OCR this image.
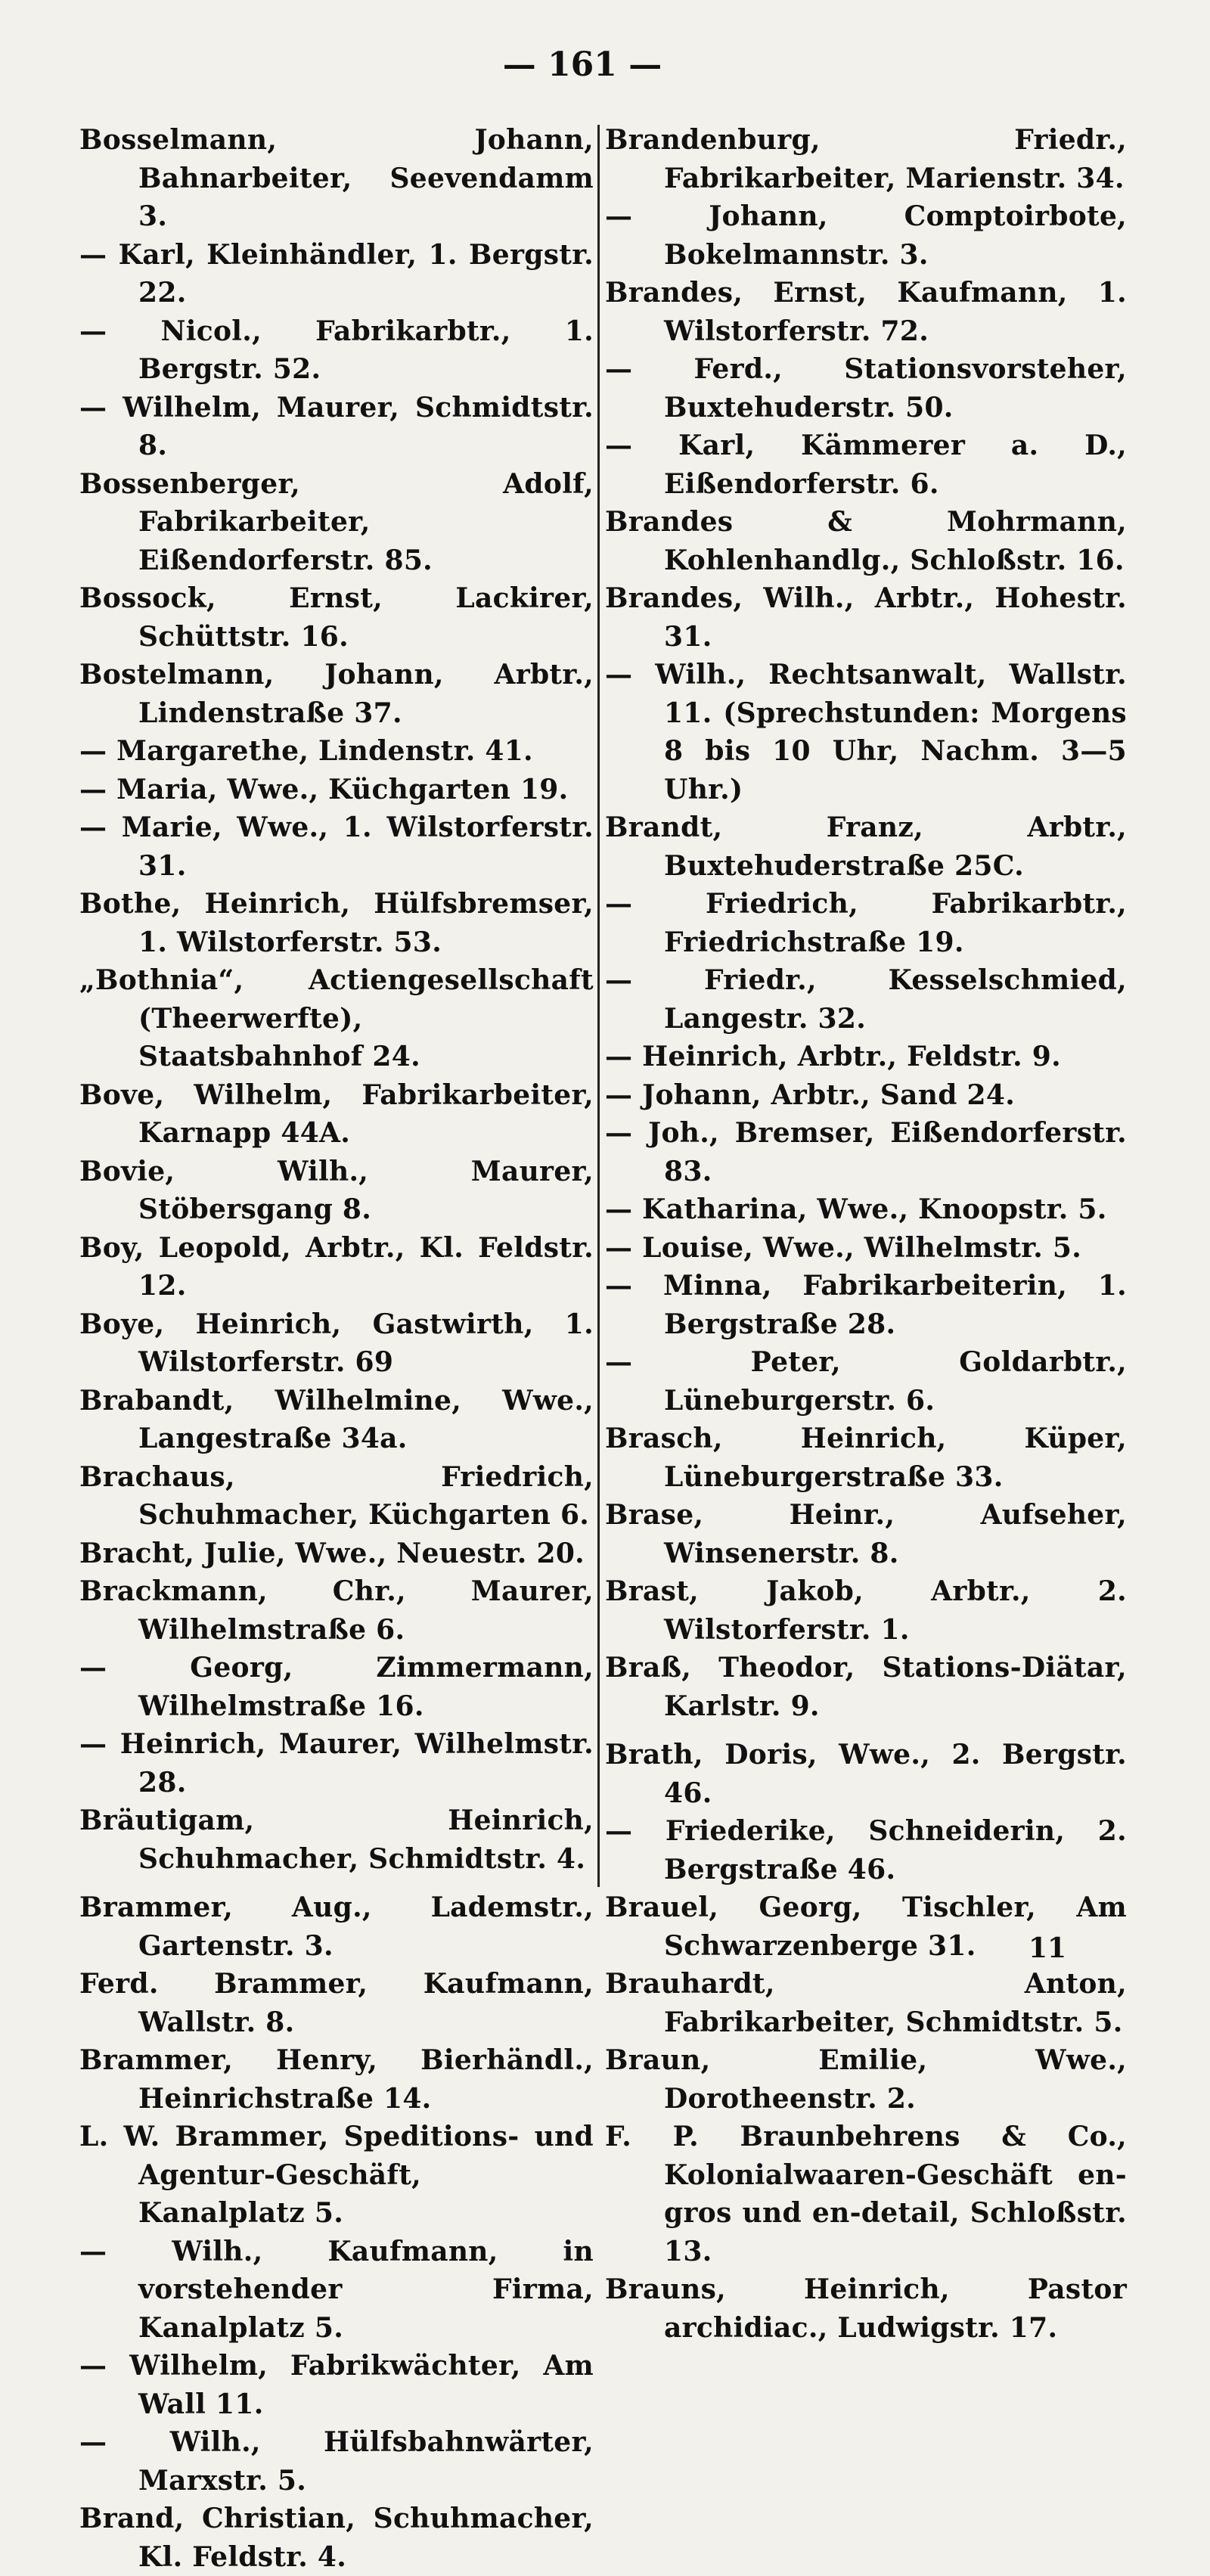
— 161 —
Bosselmann, Johann, Bahnarbeiter, Seevendamm 3.
— Karl, Kleinhändler, 1. Bergstr. 22.
— Nicol., Fabrikarbtr., 1. Bergstr. 52.
— Wilhelm, Maurer, Schmidtstr. 8.
Bossenberger, Adolf, Fabrikarbeiter, Eißendorferstr. 85.
Bossock, Ernst, Lackirer, Schüttstr. 16.
Bostelmann, Johann, Arbtr., Lindenstraße 37.
— Margarethe, Lindenstr. 41.
— Maria, Wwe., Küchgarten 19.
— Marie, Wwe., 1. Wilstorferstr. 31.
Bothe, Heinrich, Hülfsbremser, 1. Wilstorferstr. 53.
„Bothnia“, Actiengesellschaft (Theerwerfte), Staatsbahnhof 24.
Bove, Wilhelm, Fabrikarbeiter, Karnapp 44A.
Bovie, Wilh., Maurer, Stöbersgang 8.
Boy, Leopold, Arbtr., Kl. Feldstr. 12.
Boye, Heinrich, Gastwirth, 1. Wilstorferstr. 69
Brabandt, Wilhelmine, Wwe., Langestraße 34a.
Brachaus, Friedrich, Schuhmacher, Küchgarten 6.
Bracht, Julie, Wwe., Neuestr. 20.
Brackmann, Chr., Maurer, Wilhelmstraße 6.
— Georg, Zimmermann, Wilhelmstraße 16.
— Heinrich, Maurer, Wilhelmstr. 28.
Bräutigam, Heinrich, Schuhmacher, Schmidtstr. 4.
Brammer, Aug., Lademstr., Gartenstr. 3.
Ferd. Brammer, Kaufmann, Wallstr. 8.
Brammer, Henry, Bierhändl., Heinrichstraße 14.
L. W. Brammer, Speditions- und Agentur-Geschäft, Kanalplatz 5.
— Wilh., Kaufmann, in vorstehender Firma, Kanalplatz 5.
— Wilhelm, Fabrikwächter, Am Wall 11.
— Wilh., Hülfsbahnwärter, Marxstr. 5.
Brand, Christian, Schuhmacher, Kl. Feldstr. 4.
Brandenburg, Friedr., Fabrikarbeiter, Marienstr. 34.
— Johann, Comptoirbote, Bokelmannstr. 3.
Brandes, Ernst, Kaufmann, 1. Wilstorferstr. 72.
— Ferd., Stationsvorsteher, Buxtehuderstr. 50.
— Karl, Kämmerer a. D., Eißendorferstr. 6.
Brandes & Mohrmann, Kohlenhandlg., Schloßstr. 16.
Brandes, Wilh., Arbtr., Hohestr. 31.
— Wilh., Rechtsanwalt, Wallstr. 11. (Sprechstunden: Morgens 8 bis 10 Uhr, Nachm. 3—5 Uhr.)
Brandt, Franz, Arbtr., Buxtehuderstraße 25C.
— Friedrich, Fabrikarbtr., Friedrichstraße 19.
— Friedr., Kesselschmied, Langestr. 32.
— Heinrich, Arbtr., Feldstr. 9.
— Johann, Arbtr., Sand 24.
— Joh., Bremser, Eißendorferstr. 83.
— Katharina, Wwe., Knoopstr. 5.
— Louise, Wwe., Wilhelmstr. 5.
— Minna, Fabrikarbeiterin, 1. Bergstraße 28.
— Peter, Goldarbtr., Lüneburgerstr. 6.
Brasch, Heinrich, Küper, Lüneburgerstraße 33.
Brase, Heinr., Aufseher, Winsenerstr. 8.
Brast, Jakob, Arbtr., 2. Wilstorferstr. 1.
Braß, Theodor, Stations-Diätar, Karlstr. 9.
Brath, Doris, Wwe., 2. Bergstr. 46.
— Friederike, Schneiderin, 2. Bergstraße 46.
Brauel, Georg, Tischler, Am Schwarzenberge 31.
Brauhardt, Anton, Fabrikarbeiter, Schmidtstr. 5.
Braun, Emilie, Wwe., Dorotheenstr. 2.
F. P. Braunbehrens & Co., Kolonialwaaren-Geschäft en-gros und en-detail, Schloßstr. 13.
Brauns, Heinrich, Pastor archidiac., Ludwigstr. 17.
11
